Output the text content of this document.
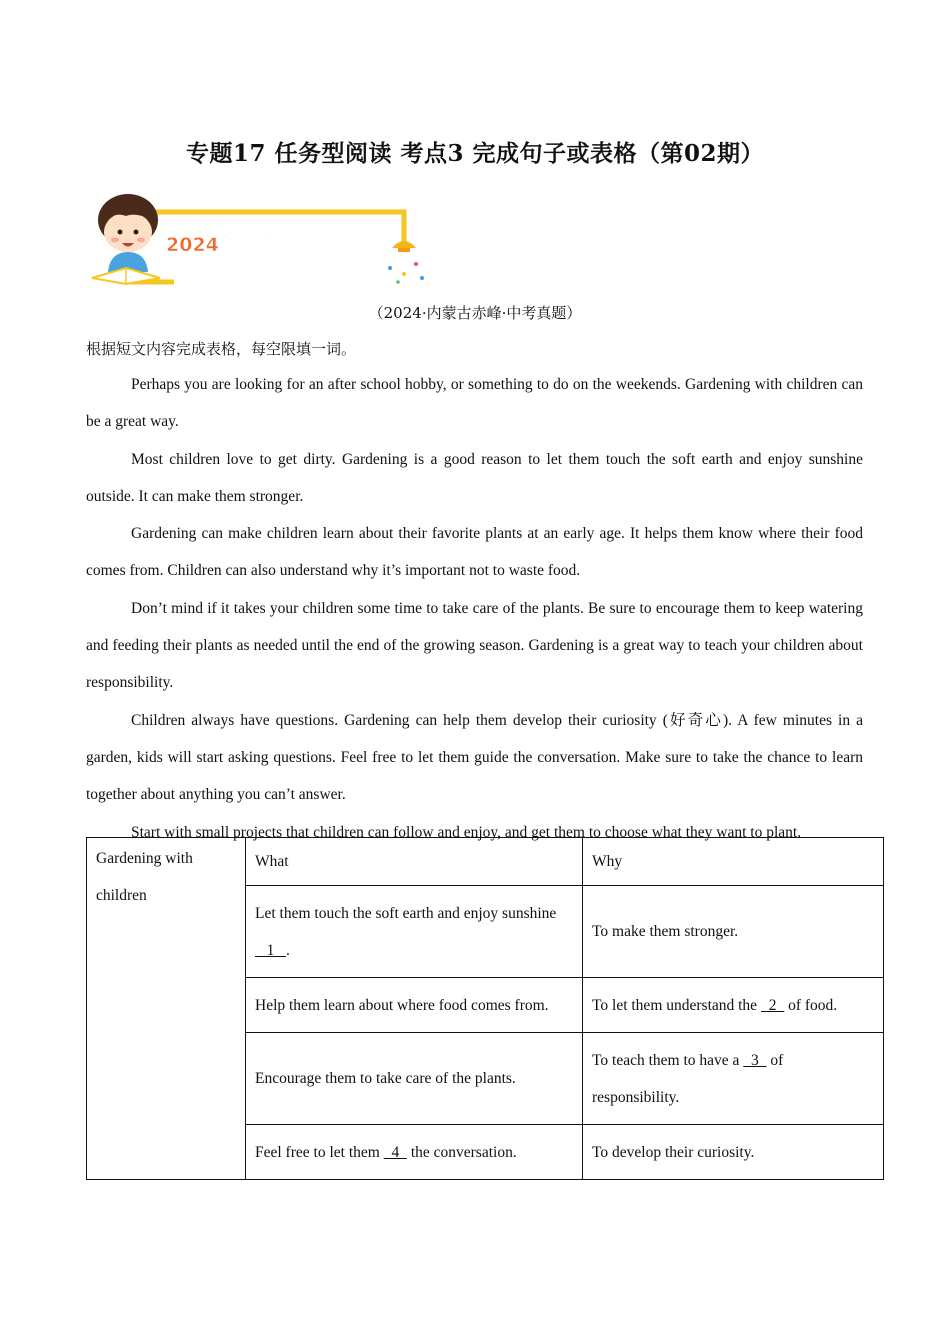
专题17 任务型阅读 考点3 完成句子或表格（第02期）
2024年中考真题速递
（2024·内蒙古赤峰·中考真题）
根据短文内容完成表格，每空限填一词。

Perhaps you are looking for an after school hobby, or something to do on the weekends. Gardening with children can be a great way.

Most children love to get dirty. Gardening is a good reason to let them touch the soft earth and enjoy sunshine outside. It can make them stronger.

Gardening can make children learn about their favorite plants at an early age. It helps them know where their food comes from. Children can also understand why it’s important not to waste food.

Don’t mind if it takes your children some time to take care of the plants. Be sure to encourage them to keep watering and feeding their plants as needed until the end of the growing season. Gardening is a great way to teach your children about responsibility.

Children always have questions. Gardening can help them develop their curiosity (好奇心). A few minutes in a garden, kids will start asking questions. Feel free to let them guide the conversation. Make sure to take the chance to learn together about anything you can’t answer.

Start with small projects that children can follow and enjoy, and get them to choose what they want to plant.

Gardening with children	What	Why
	Let them touch the soft earth and enjoy sunshine    1   .	To make them stronger.
	Help them learn about where food comes from.	To let them understand the   2   of food.
	Encourage them to take care of the plants.	To teach them to have a   3   of responsibility.
	Feel free to let them   4   the conversation.	To develop their curiosity.
